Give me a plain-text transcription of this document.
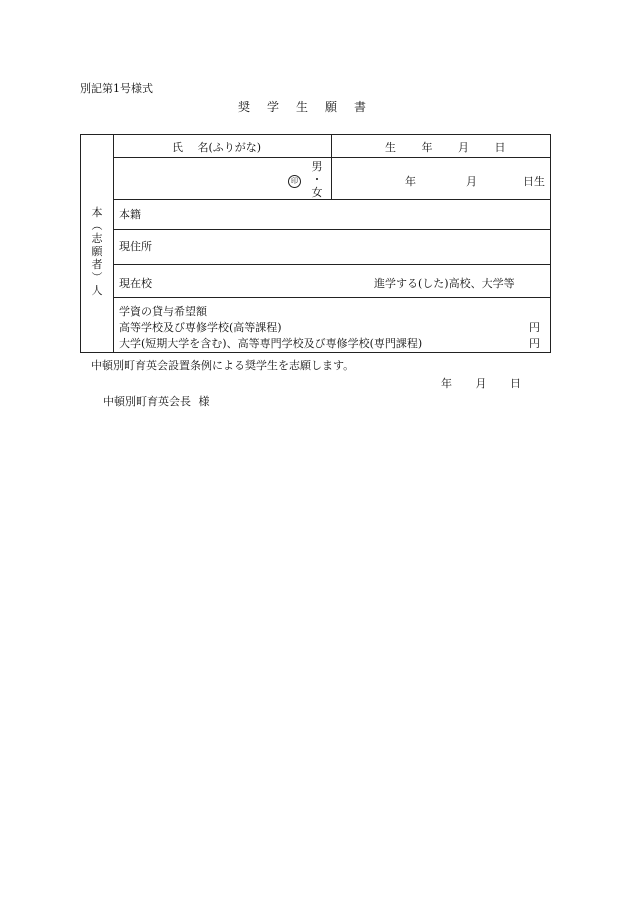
別記第1号様式
奨学生願書
本
︵
志
願
者
︶
人
氏　 名(ふりがな)	生 年 月 日
印
男
・
女
年	月	日生
本籍
現住所
現在校	進学する(した)高校、大学等
学資の貸与希望額
高等学校及び専修学校(高等課程)	円
大学(短期大学を含む)、高等専門学校及び専修学校(専門課程)	円
中頓別町育英会設置条例による奨学生を志願します。
年 月 日
中頓別町育英会長 様
